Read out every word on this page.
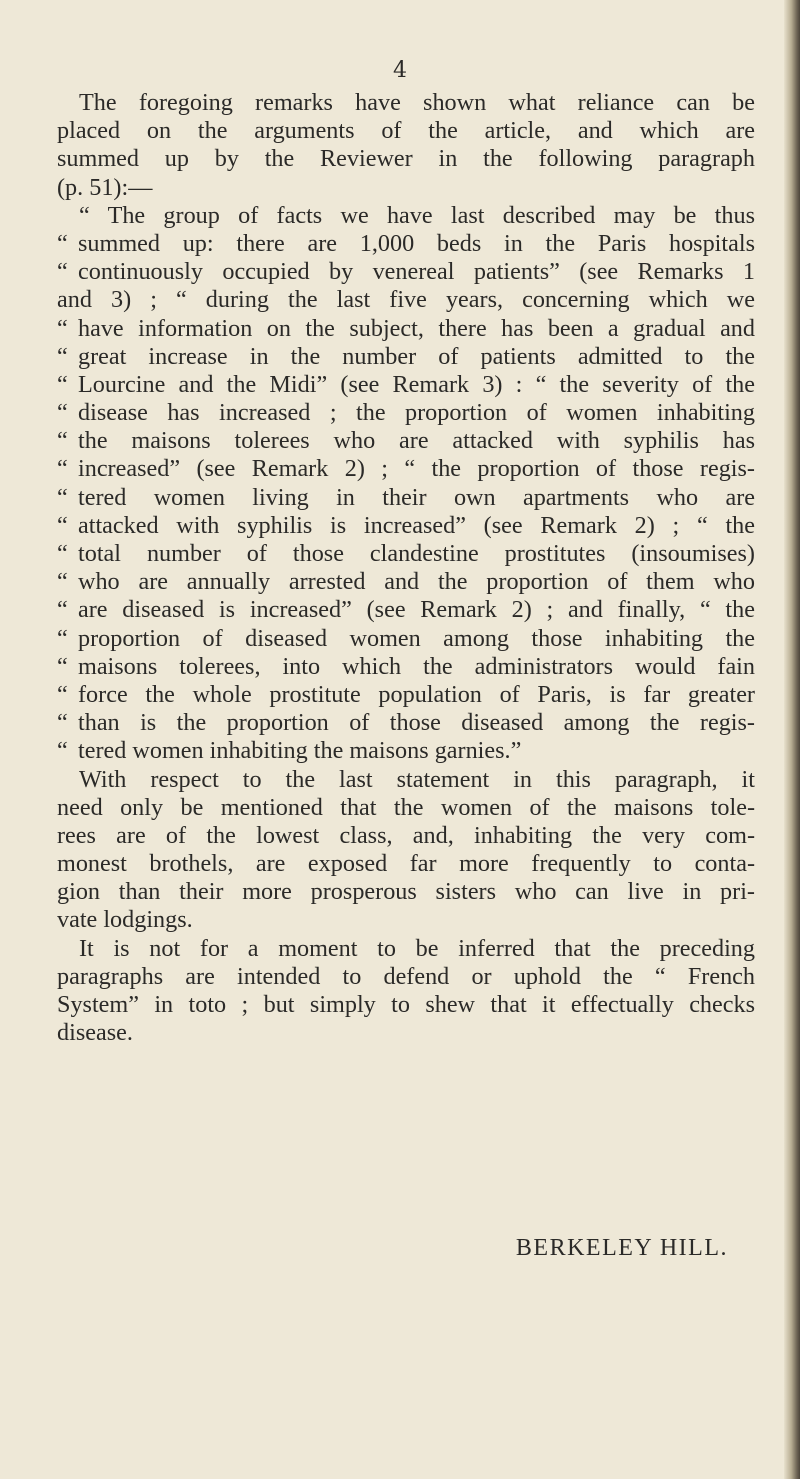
4
The foregoing remarks have shown what reliance can be
placed on the arguments of the article, and which are
summed up by the Reviewer in the following paragraph
(p. 51):—
“ The group of facts we have last described may be thus
“ summed up: there are 1,000 beds in the Paris hospitals
“ continuously occupied by venereal patients” (see Remarks 1
and 3) ; “ during the last five years, concerning which we
“ have information on the subject, there has been a gradual and
“ great increase in the number of patients admitted to the
“ Lourcine and the Midi” (see Remark 3) : “ the severity of the
“ disease has increased ; the proportion of women inhabiting
“ the maisons tolerees who are attacked with syphilis has
“ increased” (see Remark 2) ; “ the proportion of those regis-
“ tered women living in their own apartments who are
“ attacked with syphilis is increased” (see Remark 2) ; “ the
“ total number of those clandestine prostitutes (insoumises)
“ who are annually arrested and the proportion of them who
“ are diseased is increased” (see Remark 2) ; and finally, “ the
“ proportion of diseased women among those inhabiting the
“ maisons tolerees, into which the administrators would fain
“ force the whole prostitute population of Paris, is far greater
“ than is the proportion of those diseased among the regis-
“ tered women inhabiting the maisons garnies.”
With respect to the last statement in this paragraph, it
need only be mentioned that the women of the maisons tole-
rees are of the lowest class, and, inhabiting the very com-
monest brothels, are exposed far more frequently to conta-
gion than their more prosperous sisters who can live in pri-
vate lodgings.
It is not for a moment to be inferred that the preceding
paragraphs are intended to defend or uphold the “ French
System” in toto ; but simply to shew that it effectually checks
disease.
BERKELEY HILL.
